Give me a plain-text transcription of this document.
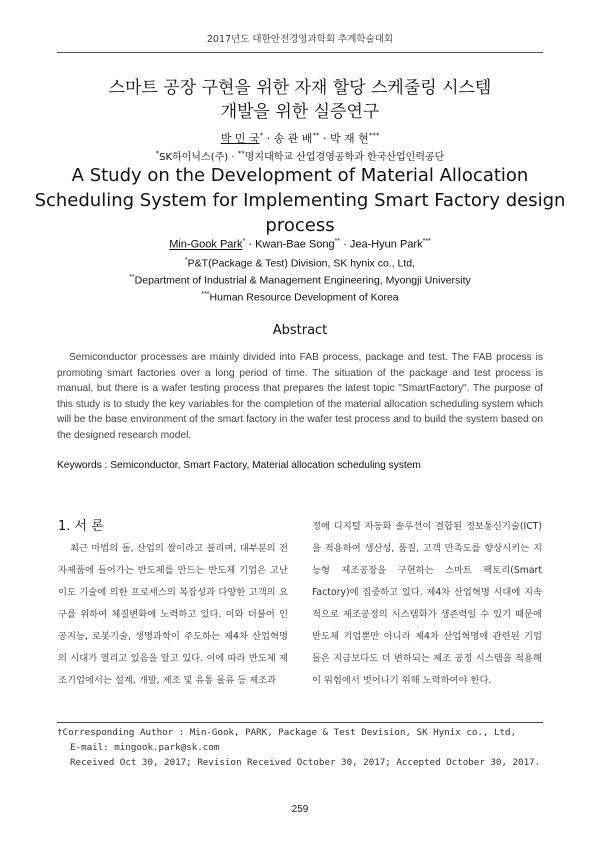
2017년도 대한안전경영과학회 추계학술대회
스마트 공장 구현을 위한 자재 할당 스케줄링 시스템
개발을 위한 실증연구
박 민 국* · 송 관 배** · 박 재 현***
*SK하이닉스(주) · **명지대학교 산업경영공학과 한국산업인력공단
A Study on the Development of Material Allocation
Scheduling System for Implementing Smart Factory design
process
Min-Gook Park* · Kwan-Bae Song** · Jea-Hyun Park***
*P&T(Package & Test) Division, SK hynix co., Ltd,
**Department of Industrial & Management Engineering, Myongji University
***Human Resource Development of Korea
Abstract

Semiconductor processes are mainly divided into FAB process, package and test. The FAB process is promoting smart factories over a long period of time. The situation of the package and test process is manual, but there is a wafer testing process that prepares the latest topic "SmartFactory". The purpose of this study is to study the key variables for the completion of the material allocation scheduling system which will be the base environment of the smart factory in the wafer test process and to build the system based on the designed research model.

Keywords : Semiconductor, Smart Factory, Material allocation scheduling system
1. 서 론

최근 마법의 돌, 산업의 쌀이라고 불리며, 대부분의 전자제품에 들어가는 반도체를 만드는 반도체 기업은 고난이도 기술에 의한 프로세스의 복잡성과 다양한 고객의 요구를 위하여 체질변화에 노력하고 있다. 이와 더불어 인공지능, 로봇기술, 생명과학이 주도하는 제4차 산업혁명의 시대가 열리고 있음을 알고 있다. 이에 따라 반도체 제조기업에서는 설계, 개발, 제조 및 유통 물류 등 제조과

정에 디지털 자동화 솔루션이 결합된 정보통신기술(ICT)을 적용하여 생산성, 품질, 고객 만족도를 향상시키는 지능형 제조공장을 구현하는 스마트 팩토리(Smart Factory)에 집중하고 있다. 제4차 산업혁명 시대에 지속적으로 제조공정의 시스템화가 생존력일 수 있기 때문에 반도체 기업뿐만 아니라 제4차 산업혁명에 관련된 기업들은 지금보다도 더 변하되는 제조 공정 시스템을 적용해 이 위험에서 벗어나기 위해 노력하여야 한다.

†Corresponding Author : Min-Gook, PARK, Package & Test Devision, SK Hynix co., Ltd,
E-mail: mingook.park@sk.com
Received Oct 30, 2017; Revision Received October 30, 2017; Accepted October 30, 2017.
259
